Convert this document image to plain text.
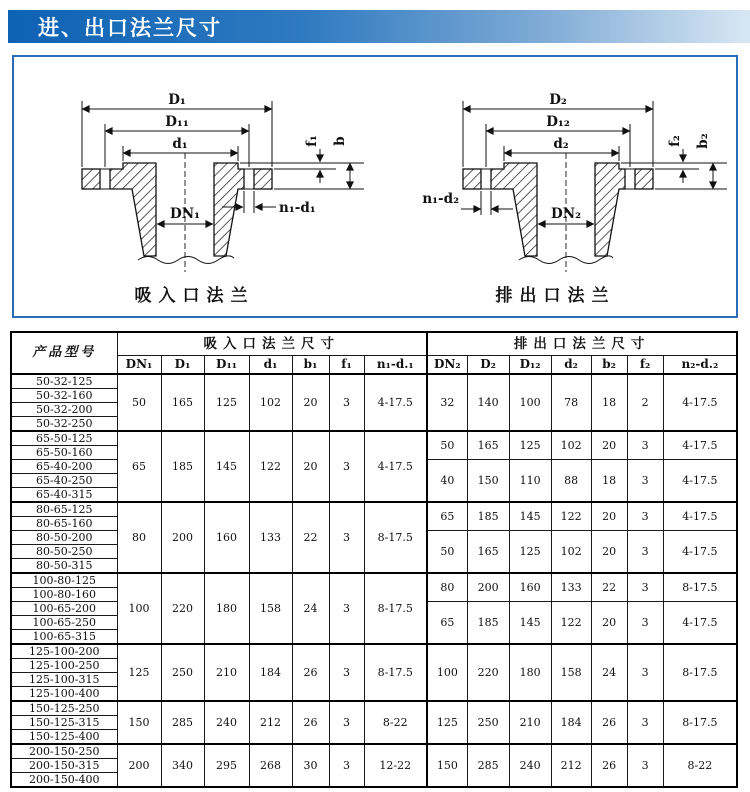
进、出口法兰尺寸
D₁
D₁₁
d₁
DN₁
f₁ b
n₁-d₁
吸入口法兰
D₂
D₁₂
d₂
DN₂
f₂ b₂
n₁-d₂
排出口法兰
产品型号	吸入口法兰尺寸							排出口法兰尺寸						
	DN₁	D₁	D₁₁	d₁	b₁	f₁	n₁-d.₁	DN₂	D₂	D₁₂	d₂	b₂	f₂	n₂-d.₂
50-32-125	50	165	125	102	20	3	4-17.5	32	140	100	78	18	2	4-17.5
50-32-160														
50-32-200														
50-32-250														
65-50-125	65	185	145	122	20	3	4-17.5	50	165	125	102	20	3	4-17.5
65-50-160														
65-40-200								40	150	110	88	18	3	4-17.5
65-40-250														
65-40-315														
80-65-125	80	200	160	133	22	3	8-17.5	65	185	145	122	20	3	4-17.5
80-65-160														
80-50-200								50	165	125	102	20	3	4-17.5
80-50-250														
80-50-315														
100-80-125	100	220	180	158	24	3	8-17.5	80	200	160	133	22	3	8-17.5
100-80-160														
100-65-200								65	185	145	122	20	3	4-17.5
100-65-250														
100-65-315														
125-100-200	125	250	210	184	26	3	8-17.5	100	220	180	158	24	3	8-17.5
125-100-250														
125-100-315														
125-100-400														
150-125-250	150	285	240	212	26	3	8-22	125	250	210	184	26	3	8-17.5
150-125-315														
150-125-400														
200-150-250	200	340	295	268	30	3	12-22	150	285	240	212	26	3	8-22
200-150-315														
200-150-400														
